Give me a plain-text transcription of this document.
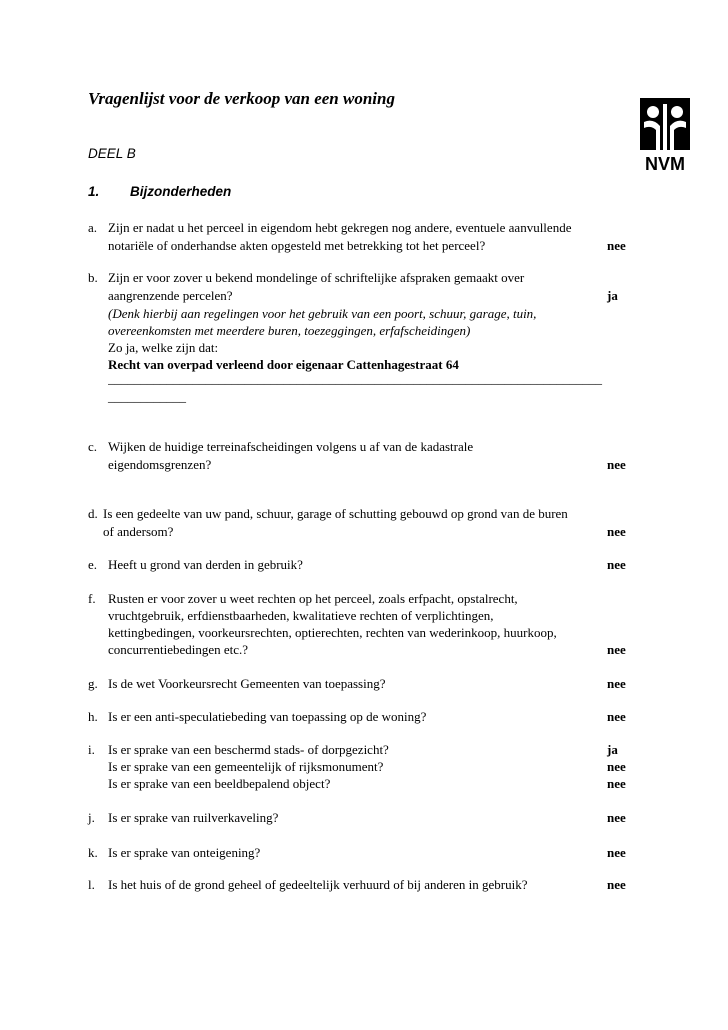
Vragenlijst voor de verkoop van een woning
NVM
DEEL B
1. Bijzonderheden
a. Zijn er nadat u het perceel in eigendom hebt gekregen nog andere, eventuele aanvullende
notariële of onderhandse akten opgesteld met betrekking tot het perceel?	nee
b. Zijn er voor zover u bekend mondelinge of schriftelijke afspraken gemaakt over
aangrenzende percelen?	ja
(Denk hierbij aan regelingen voor het gebruik van een poort, schuur, garage, tuin,
overeenkomsten met meerdere buren, toezeggingen, erfafscheidingen)
Zo ja, welke zijn dat:
Recht van overpad verleend door eigenaar Cattenhagestraat 64
____________________________________________________________________________
____________
c. Wijken de huidige terreinafscheidingen volgens u af van de kadastrale
eigendomsgrenzen?	nee
d. Is een gedeelte van uw pand, schuur, garage of schutting gebouwd op grond van de buren
of andersom?	nee
e. Heeft u grond van derden in gebruik?	nee
f. Rusten er voor zover u weet rechten op het perceel, zoals erfpacht, opstalrecht,
vruchtgebruik, erfdienstbaarheden, kwalitatieve rechten of verplichtingen,
kettingbedingen, voorkeursrechten, optierechten, rechten van wederinkoop, huurkoop,
concurrentiebedingen etc.?	nee
g. Is de wet Voorkeursrecht Gemeenten van toepassing?	nee
h. Is er een anti-speculatiebeding van toepassing op de woning?	nee
i. Is er sprake van een beschermd stads- of dorpgezicht?	ja
Is er sprake van een gemeentelijk of rijksmonument?	nee
Is er sprake van een beeldbepalend object?	nee
j. Is er sprake van ruilverkaveling?	nee
k. Is er sprake van onteigening?	nee
l. Is het huis of de grond geheel of gedeeltelijk verhuurd of bij anderen in gebruik?	nee
